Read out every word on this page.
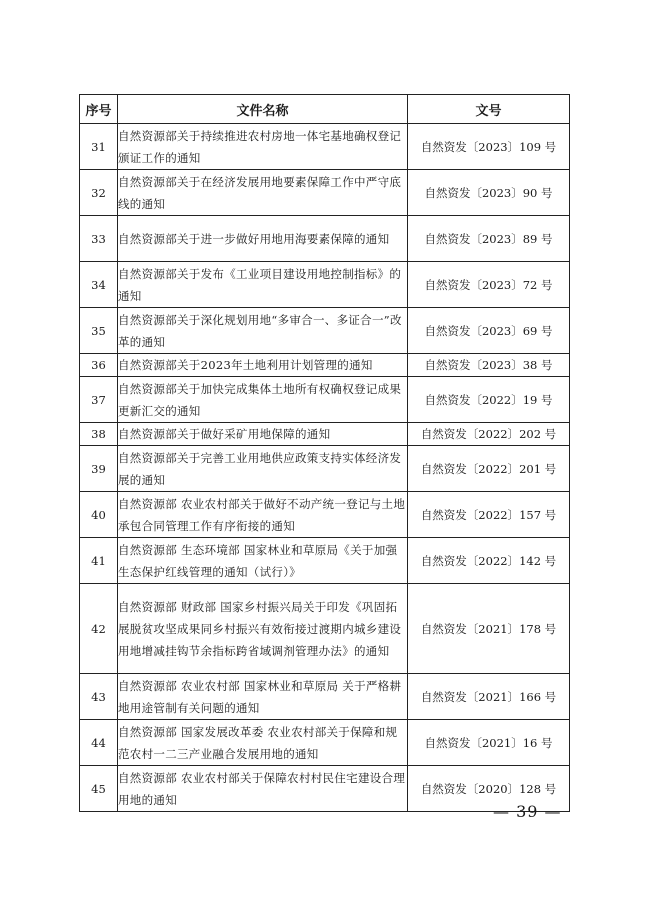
序号	文件名称	文号
31	自然资源部关于持续推进农村房地一体宅基地确权登记颁证工作的通知	自然资发〔2023〕109 号
32	自然资源部关于在经济发展用地要素保障工作中严守底线的通知	自然资发〔2023〕90 号
33	自然资源部关于进一步做好用地用海要素保障的通知	自然资发〔2023〕89 号
34	自然资源部关于发布《工业项目建设用地控制指标》的通知	自然资发〔2023〕72 号
35	自然资源部关于深化规划用地“多审合一、多证合一”改革的通知	自然资发〔2023〕69 号
36	自然资源部关于2023年土地利用计划管理的通知	自然资发〔2023〕38 号
37	自然资源部关于加快完成集体土地所有权确权登记成果更新汇交的通知	自然资发〔2022〕19 号
38	自然资源部关于做好采矿用地保障的通知	自然资发〔2022〕202 号
39	自然资源部关于完善工业用地供应政策支持实体经济发展的通知	自然资发〔2022〕201 号
40	自然资源部 农业农村部关于做好不动产统一登记与土地承包合同管理工作有序衔接的通知	自然资发〔2022〕157 号
41	自然资源部 生态环境部 国家林业和草原局《关于加强生态保护红线管理的通知（试行）》	自然资发〔2022〕142 号
42	自然资源部 财政部 国家乡村振兴局关于印发《巩固拓展脱贫攻坚成果同乡村振兴有效衔接过渡期内城乡建设用地增减挂钩节余指标跨省域调剂管理办法》的通知	自然资发〔2021〕178 号
43	自然资源部 农业农村部 国家林业和草原局 关于严格耕地用途管制有关问题的通知	自然资发〔2021〕166 号
44	自然资源部 国家发展改革委 农业农村部关于保障和规范农村一二三产业融合发展用地的通知	自然资发〔2021〕16 号
45	自然资源部 农业农村部关于保障农村村民住宅建设合理用地的通知	自然资发〔2020〕128 号
— 39 —
